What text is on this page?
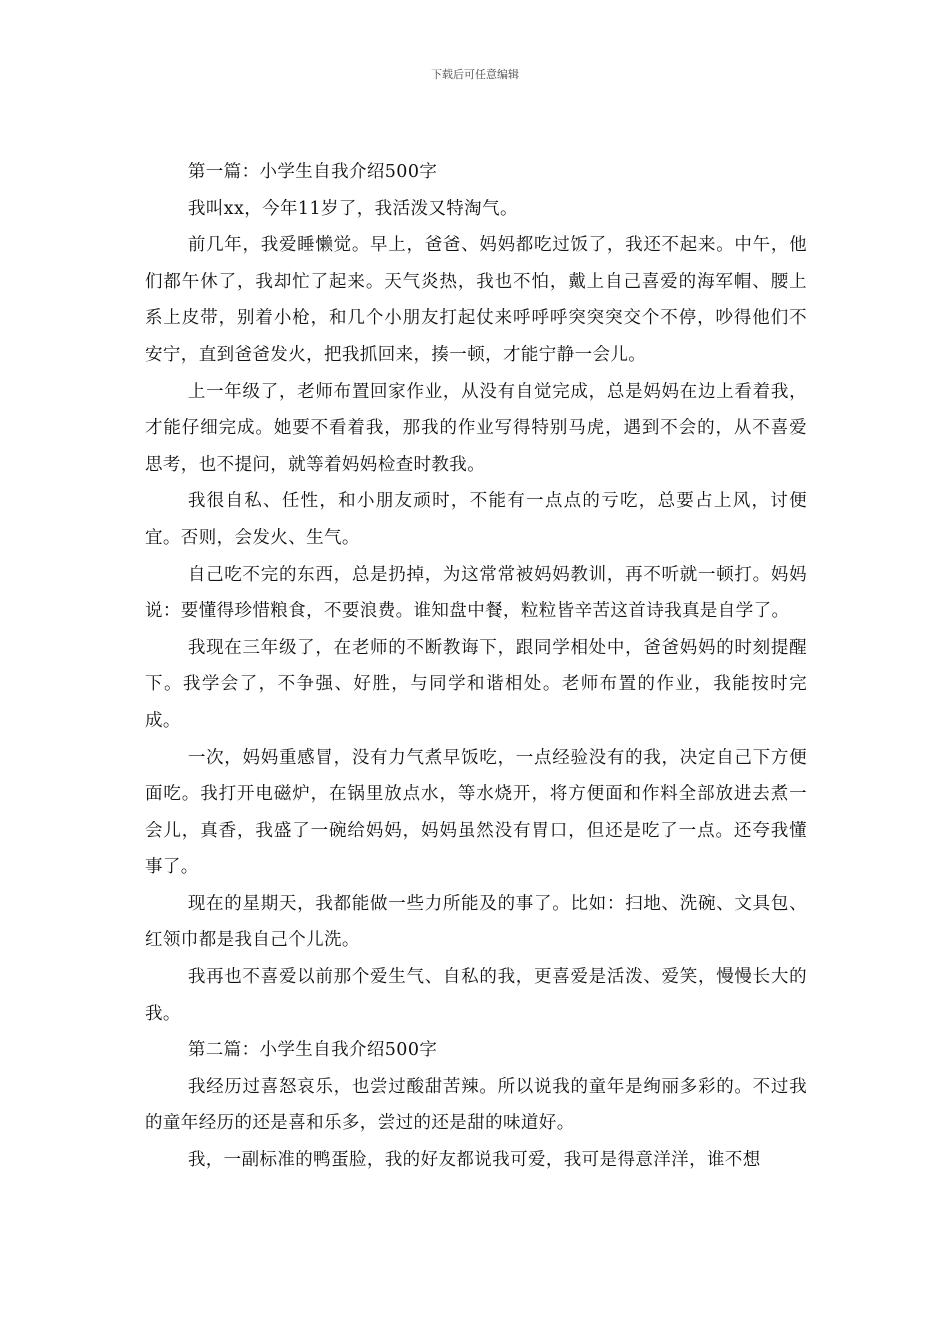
下载后可任意编辑

第一篇：小学生自我介绍500字

我叫xx，今年11岁了，我活泼又特淘气。

前几年，我爱睡懒觉。早上，爸爸、妈妈都吃过饭了，我还不起来。中午，他们都午休了，我却忙了起来。天气炎热，我也不怕，戴上自己喜爱的海军帽、腰上系上皮带，别着小枪，和几个小朋友打起仗来呼呼呼突突突交个不停，吵得他们不安宁，直到爸爸发火，把我抓回来，揍一顿，才能宁静一会儿。

上一年级了，老师布置回家作业，从没有自觉完成，总是妈妈在边上看着我，才能仔细完成。她要不看着我，那我的作业写得特别马虎，遇到不会的，从不喜爱思考，也不提问，就等着妈妈检查时教我。

我很自私、任性，和小朋友顽时，不能有一点点的亏吃，总要占上风，讨便宜。否则，会发火、生气。

自己吃不完的东西，总是扔掉，为这常常被妈妈教训，再不听就一顿打。妈妈说：要懂得珍惜粮食，不要浪费。谁知盘中餐，粒粒皆辛苦这首诗我真是自学了。

我现在三年级了，在老师的不断教诲下，跟同学相处中，爸爸妈妈的时刻提醒下。我学会了，不争强、好胜，与同学和谐相处。老师布置的作业，我能按时完成。

一次，妈妈重感冒，没有力气煮早饭吃，一点经验没有的我，决定自己下方便面吃。我打开电磁炉，在锅里放点水，等水烧开，将方便面和作料全部放进去煮一会儿，真香，我盛了一碗给妈妈，妈妈虽然没有胃口，但还是吃了一点。还夸我懂事了。

现在的星期天，我都能做一些力所能及的事了。比如：扫地、洗碗、文具包、红领巾都是我自己个儿洗。

我再也不喜爱以前那个爱生气、自私的我，更喜爱是活泼、爱笑，慢慢长大的我。

第二篇：小学生自我介绍500字

我经历过喜怒哀乐，也尝过酸甜苦辣。所以说我的童年是绚丽多彩的。不过我的童年经历的还是喜和乐多，尝过的还是甜的味道好。

我，一副标准的鸭蛋脸，我的好友都说我可爱，我可是得意洋洋，谁不想
